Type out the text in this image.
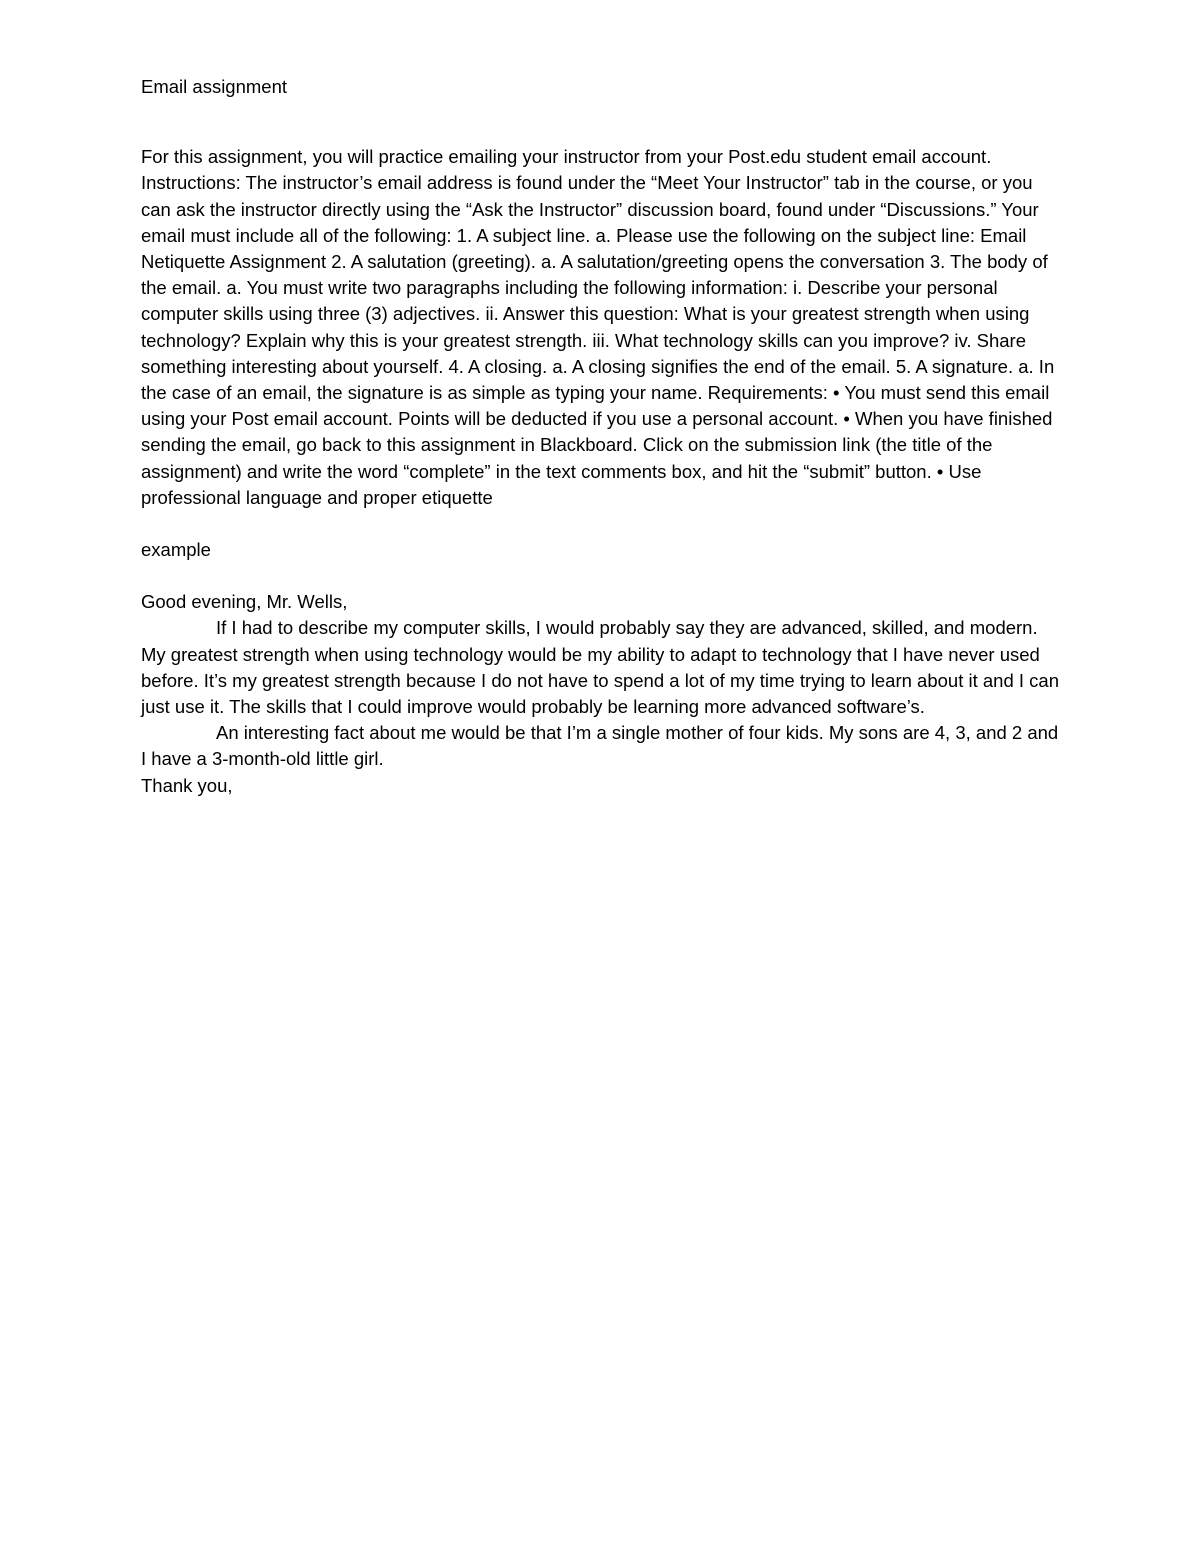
Email assignment

For this assignment, you will practice emailing your instructor from your Post.edu student email account. Instructions: The instructor’s email address is found under the “Meet Your Instructor” tab in the course, or you can ask the instructor directly using the “Ask the Instructor” discussion board, found under “Discussions.” Your email must include all of the following: 1. A subject line. a. Please use the following on the subject line: Email Netiquette Assignment 2. A salutation (greeting). a. A salutation/greeting opens the conversation 3. The body of the email. a. You must write two paragraphs including the following information: i. Describe your personal computer skills using three (3) adjectives. ii. Answer this question: What is your greatest strength when using technology? Explain why this is your greatest strength. iii. What technology skills can you improve? iv. Share something interesting about yourself. 4. A closing. a. A closing signifies the end of the email. 5. A signature. a. In the case of an email, the signature is as simple as typing your name. Requirements: • You must send this email using your Post email account. Points will be deducted if you use a personal account. • When you have finished sending the email, go back to this assignment in Blackboard. Click on the submission link (the title of the assignment) and write the word “complete” in the text comments box, and hit the “submit” button. • Use professional language and proper etiquette

example

Good evening, Mr. Wells,

If I had to describe my computer skills, I would probably say they are advanced, skilled, and modern. My greatest strength when using technology would be my ability to adapt to technology that I have never used before. It’s my greatest strength because I do not have to spend a lot of my time trying to learn about it and I can just use it. The skills that I could improve would probably be learning more advanced software’s.

An interesting fact about me would be that I’m a single mother of four kids. My sons are 4, 3, and 2 and I have a 3-month-old little girl.

Thank you,
